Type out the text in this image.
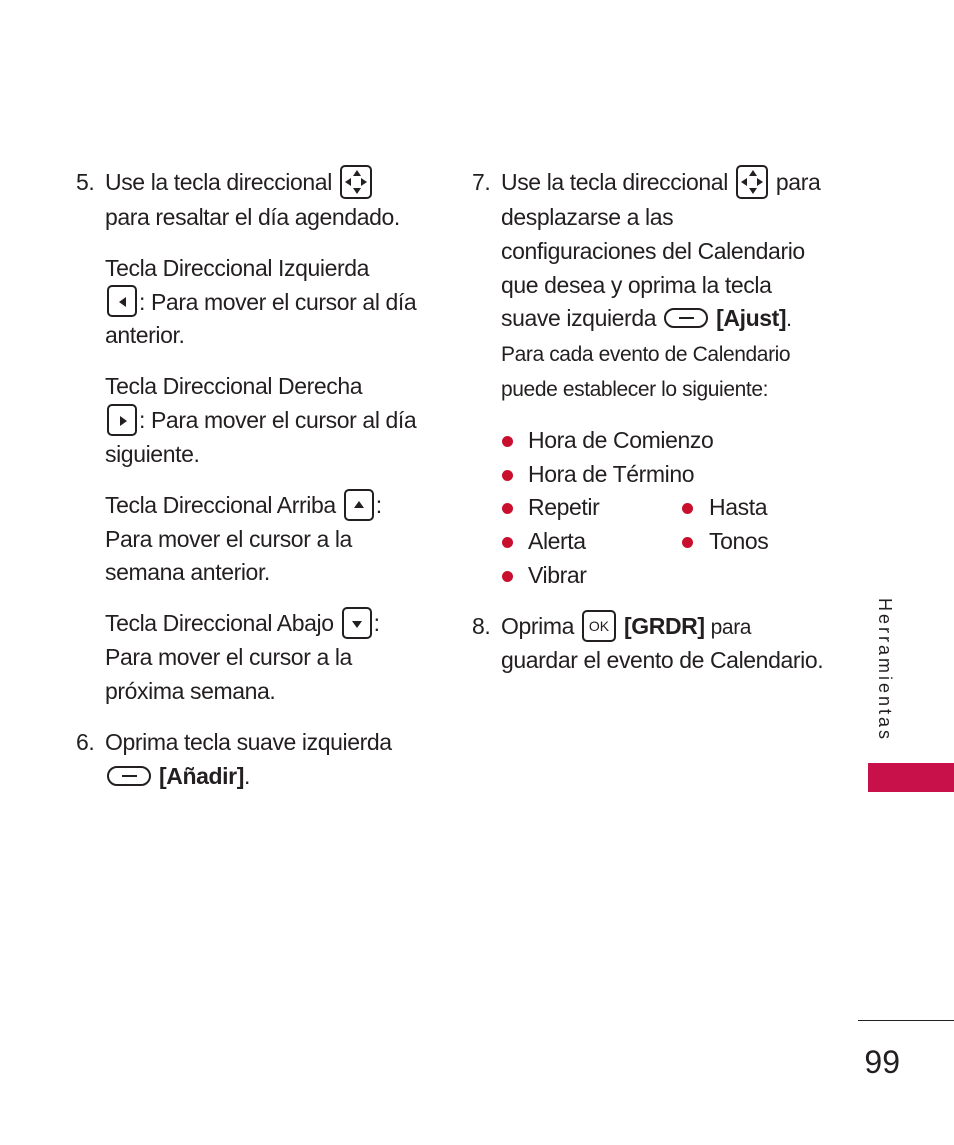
5. Use la tecla direccional

para resaltar el día agendado.
Tecla Direccional Izquierda

: Para mover el cursor al día anterior.
Tecla Direccional Derecha

: Para mover el cursor al día siguiente.
Tecla Direccional Arriba :
Para mover el cursor a la semana anterior.
Tecla Direccional Abajo :
Para mover el cursor a la próxima semana.
6. Oprima tecla suave izquierda

[Añadir].
7. Use la tecla direccional para desplazarse a las configuraciones del Calendario que desea y oprima la tecla suave izquierda	[Ajust]. Para cada evento de Calendario puede establecer lo siguiente:
Hora de Comienzo
Hora de Término
Repetir	Hasta
Alerta	Tonos
Vibrar
8. Oprima OK [GRDR] para
guardar el evento de Calendario.	Herramientas
99
